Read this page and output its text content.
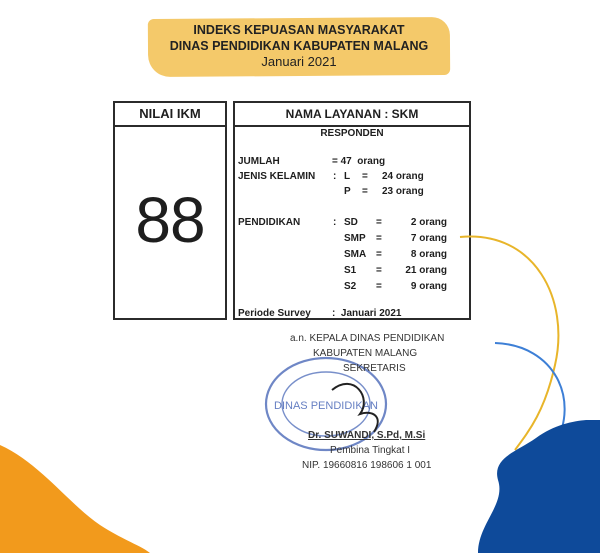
INDEKS KEPUASAN MASYARAKAT
DINAS PENDIDIKAN KABUPATEN MALANG
Januari 2021
NILAI IKM
88
NAMA LAYANAN : SKM
RESPONDEN
JUMLAH	= 47  orang
JENIS KELAMIN : L = 24 orang
P = 23 orang
PENDIDIKAN	: SD =	2 orang
SMP =	7 orang
SMA =	8 orang
S1 =	21 orang
S2 =	9 orang
Periode Survey :  Januari 2021
DINAS PENDIDIKAN
a.n. KEPALA DINAS PENDIDIKAN
KABUPATEN MALANG
SEKRETARIS
Dr. SUWANDI, S.Pd, M.Si
Pembina Tingkat I
NIP. 19660816 198606 1 001
